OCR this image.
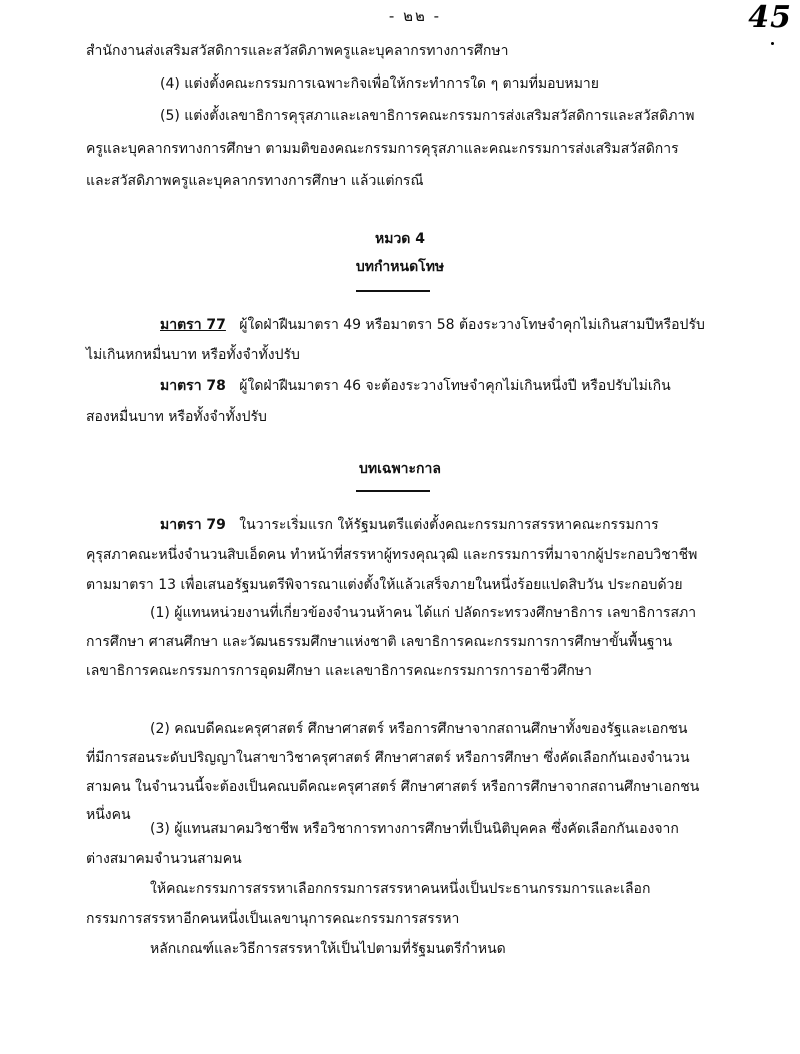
- ๒๒ -	45
สำนักงานส่งเสริมสวัสดิการและสวัสดิภาพครูและบุคลากรทางการศึกษา
(4) แต่งตั้งคณะกรรมการเฉพาะกิจเพื่อให้กระทำการใด ๆ ตามที่มอบหมาย
(5) แต่งตั้งเลขาธิการคุรุสภาและเลขาธิการคณะกรรมการส่งเสริมสวัสดิการและสวัสดิภาพ
ครูและบุคลากรทางการศึกษา ตามมติของคณะกรรมการคุรุสภาและคณะกรรมการส่งเสริมสวัสดิการ
และสวัสดิภาพครูและบุคลากรทางการศึกษา แล้วแต่กรณี
หมวด 4
บทกำหนดโทษ
มาตรา 77 ผู้ใดฝ่าฝืนมาตรา 49 หรือมาตรา 58 ต้องระวางโทษจำคุกไม่เกินสามปีหรือปรับ
ไม่เกินหกหมื่นบาท หรือทั้งจำทั้งปรับ
มาตรา 78 ผู้ใดฝ่าฝืนมาตรา 46 จะต้องระวางโทษจำคุกไม่เกินหนึ่งปี หรือปรับไม่เกิน
สองหมื่นบาท หรือทั้งจำทั้งปรับ
บทเฉพาะกาล
มาตรา 79 ในวาระเริ่มแรก ให้รัฐมนตรีแต่งตั้งคณะกรรมการสรรหาคณะกรรมการ
คุรุสภาคณะหนึ่งจำนวนสิบเอ็ดคน ทำหน้าที่สรรหาผู้ทรงคุณวุฒิ และกรรมการที่มาจากผู้ประกอบวิชาชีพ
ตามมาตรา 13 เพื่อเสนอรัฐมนตรีพิจารณาแต่งตั้งให้แล้วเสร็จภายในหนึ่งร้อยแปดสิบวัน ประกอบด้วย
(1) ผู้แทนหน่วยงานที่เกี่ยวข้องจำนวนห้าคน ได้แก่ ปลัดกระทรวงศึกษาธิการ เลขาธิการสภา
การศึกษา ศาสนศึกษา และวัฒนธรรมศึกษาแห่งชาติ เลขาธิการคณะกรรมการการศึกษาขั้นพื้นฐาน
เลขาธิการคณะกรรมการการอุดมศึกษา และเลขาธิการคณะกรรมการการอาชีวศึกษา
(2) คณบดีคณะครุศาสตร์ ศึกษาศาสตร์ หรือการศึกษาจากสถานศึกษาทั้งของรัฐและเอกชน
ที่มีการสอนระดับปริญญาในสาขาวิชาครุศาสตร์ ศึกษาศาสตร์ หรือการศึกษา ซึ่งคัดเลือกกันเองจำนวน
สามคน ในจำนวนนี้จะต้องเป็นคณบดีคณะครุศาสตร์ ศึกษาศาสตร์ หรือการศึกษาจากสถานศึกษาเอกชน
หนึ่งคน
(3) ผู้แทนสมาคมวิชาชีพ หรือวิชาการทางการศึกษาที่เป็นนิติบุคคล ซึ่งคัดเลือกกันเองจาก
ต่างสมาคมจำนวนสามคน
ให้คณะกรรมการสรรหาเลือกกรรมการสรรหาคนหนึ่งเป็นประธานกรรมการและเลือก
กรรมการสรรหาอีกคนหนึ่งเป็นเลขานุการคณะกรรมการสรรหา
หลักเกณฑ์และวิธีการสรรหาให้เป็นไปตามที่รัฐมนตรีกำหนด
